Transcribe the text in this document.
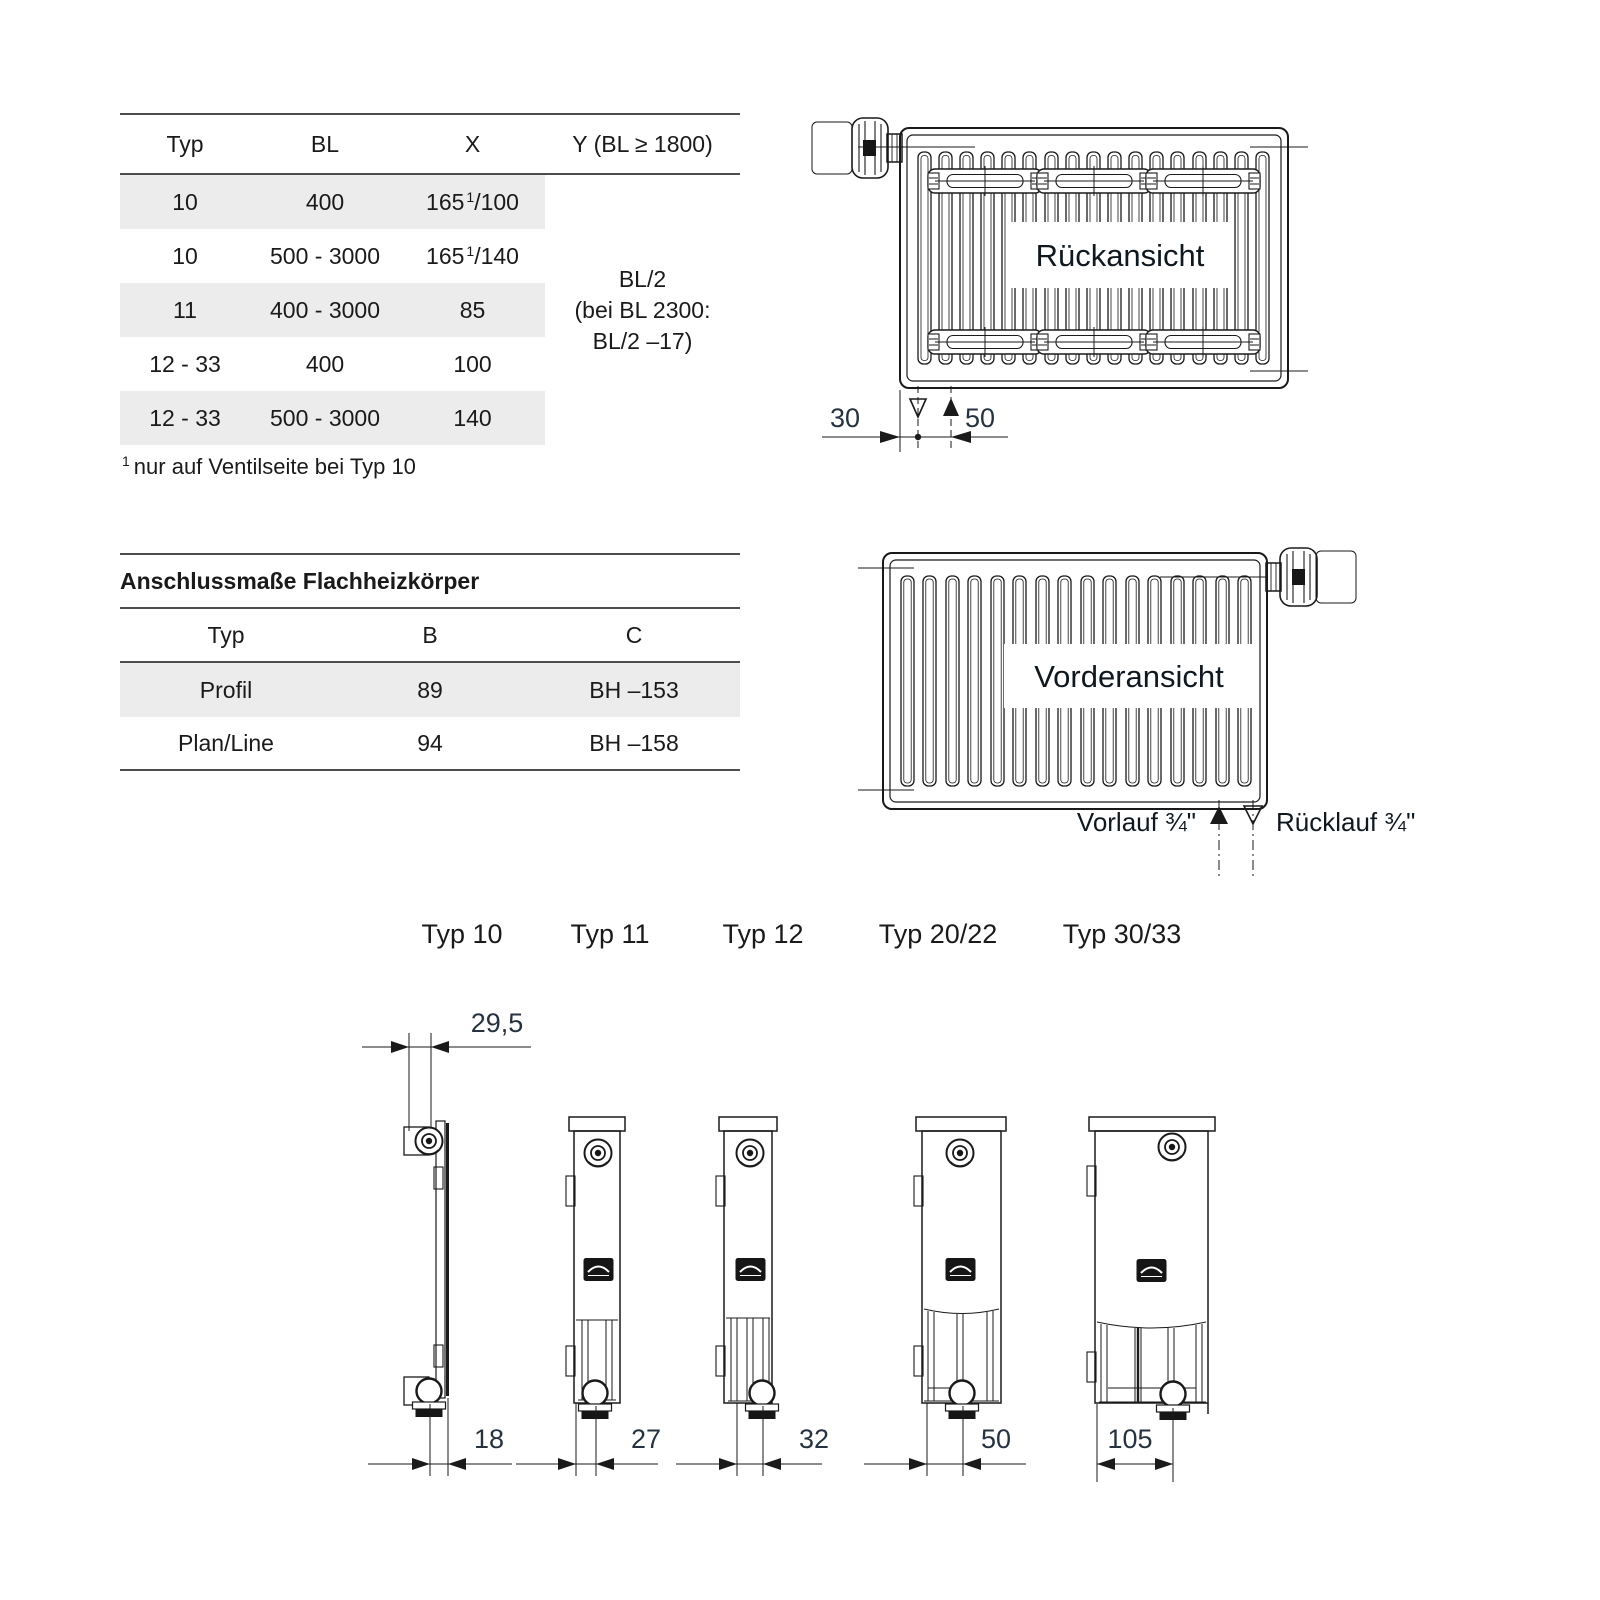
Typ	BL	X	Y (BL ≥ 1800)
10	400	165 $^1$/100
10	500 - 3000	165 $^1$/140
11	400 - 3000	85
12 - 33	400	100
12 - 33	500 - 3000	140
BL/2
(bei BL 2300:
BL/2 –17)
$^1$ nur auf Ventilseite bei Typ 10
Anschlussmaße Flachheizkörper
Typ	B	C
Profil	89	BH –153
Plan/Line	94	BH –158
Rückansicht
30	50
Vorderansicht
Vorlauf ¾"	Rücklauf ¾"
Typ 10	Typ 11	Typ 12	Typ 20/22 Typ 30/33
29,5
18	27	32	50	105
